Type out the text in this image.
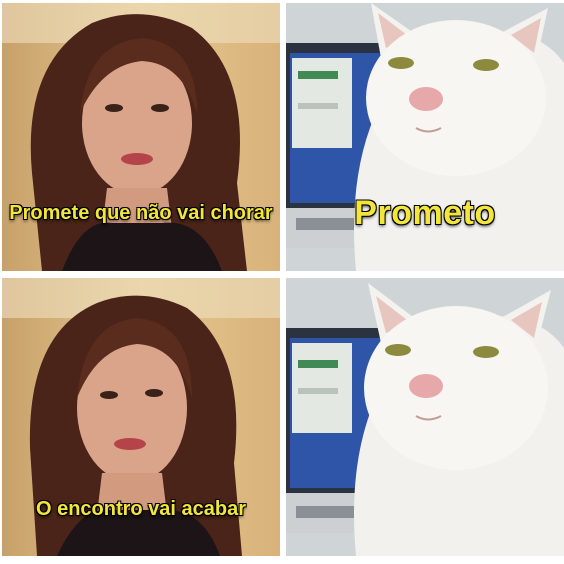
Promete que não vai chorar	Prometo
O encontro vai acabar
